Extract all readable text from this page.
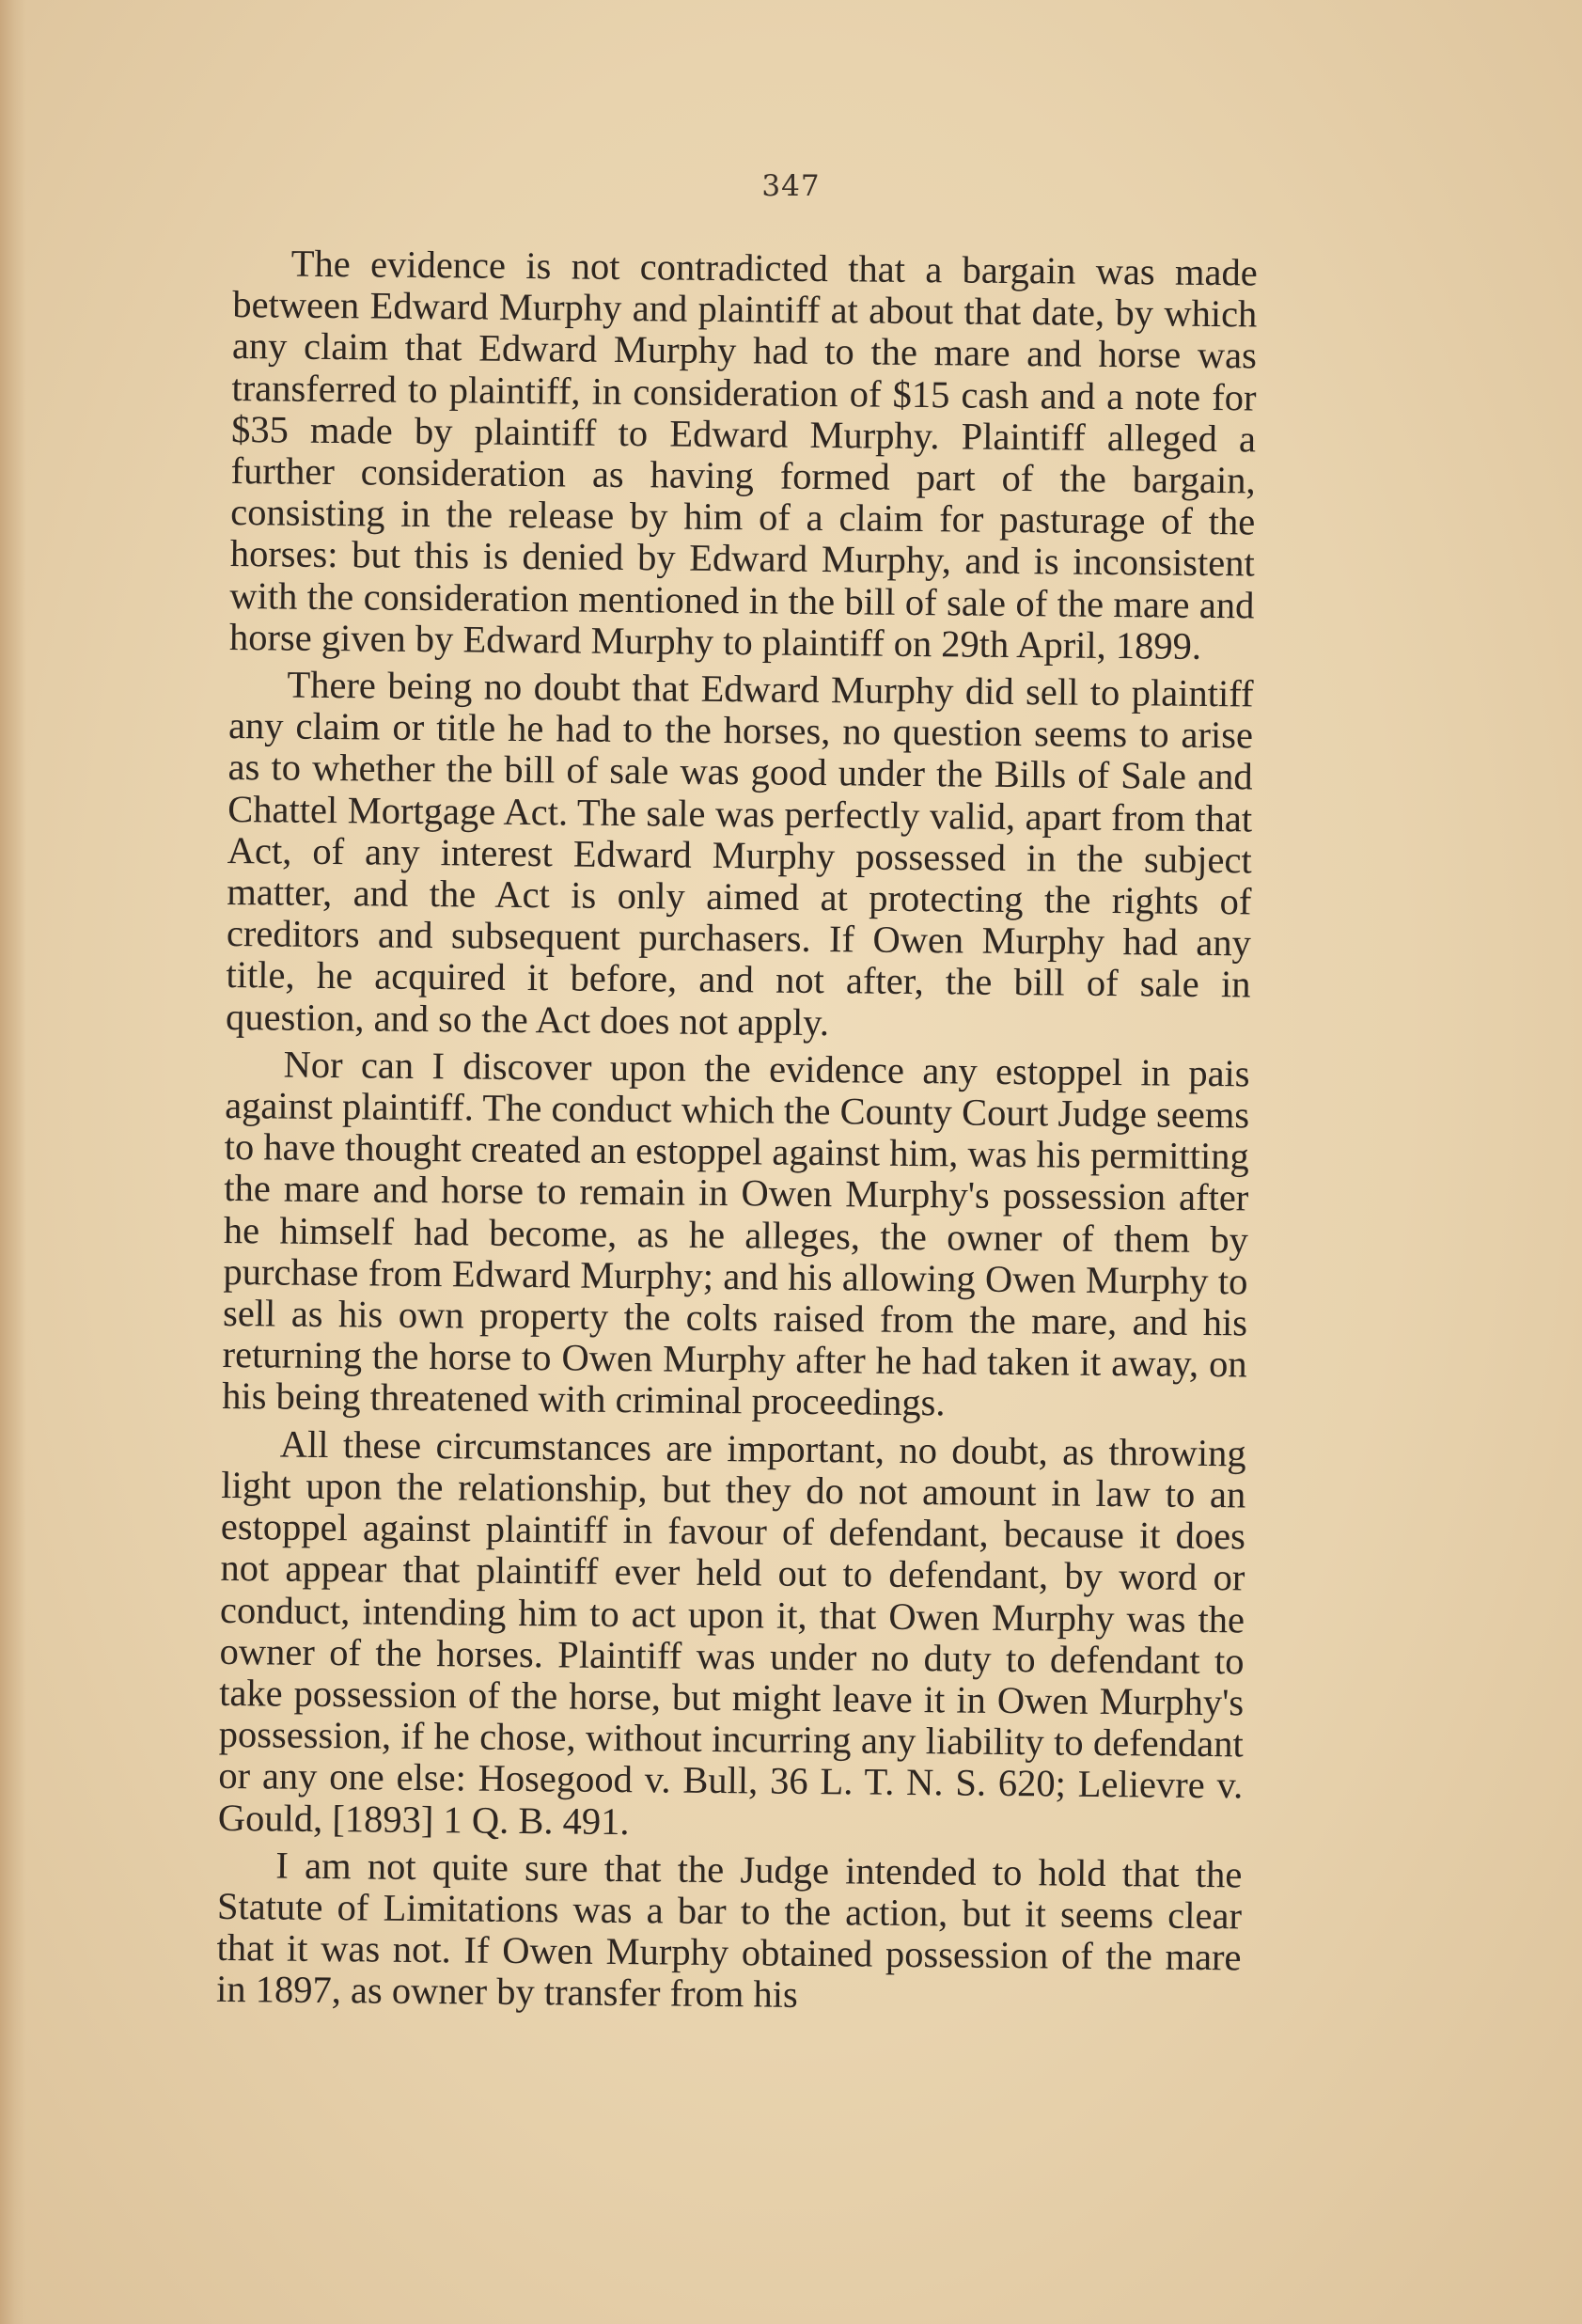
347

The evidence is not contradicted that a bargain was made between Edward Murphy and plaintiff at about that date, by which any claim that Edward Murphy had to the mare and horse was transferred to plaintiff, in consideration of $15 cash and a note for $35 made by plaintiff to Edward Murphy. Plaintiff alleged a further consideration as having formed part of the bargain, consisting in the release by him of a claim for pasturage of the horses: but this is denied by Edward Murphy, and is inconsistent with the consideration mentioned in the bill of sale of the mare and horse given by Edward Murphy to plaintiff on 29th April, 1899.

There being no doubt that Edward Murphy did sell to plaintiff any claim or title he had to the horses, no question seems to arise as to whether the bill of sale was good under the Bills of Sale and Chattel Mortgage Act. The sale was perfectly valid, apart from that Act, of any interest Edward Murphy possessed in the subject matter, and the Act is only aimed at protecting the rights of creditors and subsequent purchasers. If Owen Murphy had any title, he acquired it before, and not after, the bill of sale in question, and so the Act does not apply.

Nor can I discover upon the evidence any estoppel in pais against plaintiff. The conduct which the County Court Judge seems to have thought created an estoppel against him, was his permitting the mare and horse to remain in Owen Murphy's possession after he himself had become, as he alleges, the owner of them by purchase from Edward Murphy; and his allowing Owen Murphy to sell as his own property the colts raised from the mare, and his returning the horse to Owen Murphy after he had taken it away, on his being threatened with criminal proceedings.

All these circumstances are important, no doubt, as throwing light upon the relationship, but they do not amount in law to an estoppel against plaintiff in favour of defendant, because it does not appear that plaintiff ever held out to defendant, by word or conduct, intending him to act upon it, that Owen Murphy was the owner of the horses. Plaintiff was under no duty to defendant to take possession of the horse, but might leave it in Owen Murphy's possession, if he chose, without incurring any liability to defendant or any one else: Hosegood v. Bull, 36 L. T. N. S. 620; Lelievre v. Gould, [1893] 1 Q. B. 491.

I am not quite sure that the Judge intended to hold that the Statute of Limitations was a bar to the action, but it seems clear that it was not. If Owen Murphy obtained possession of the mare in 1897, as owner by transfer from his
